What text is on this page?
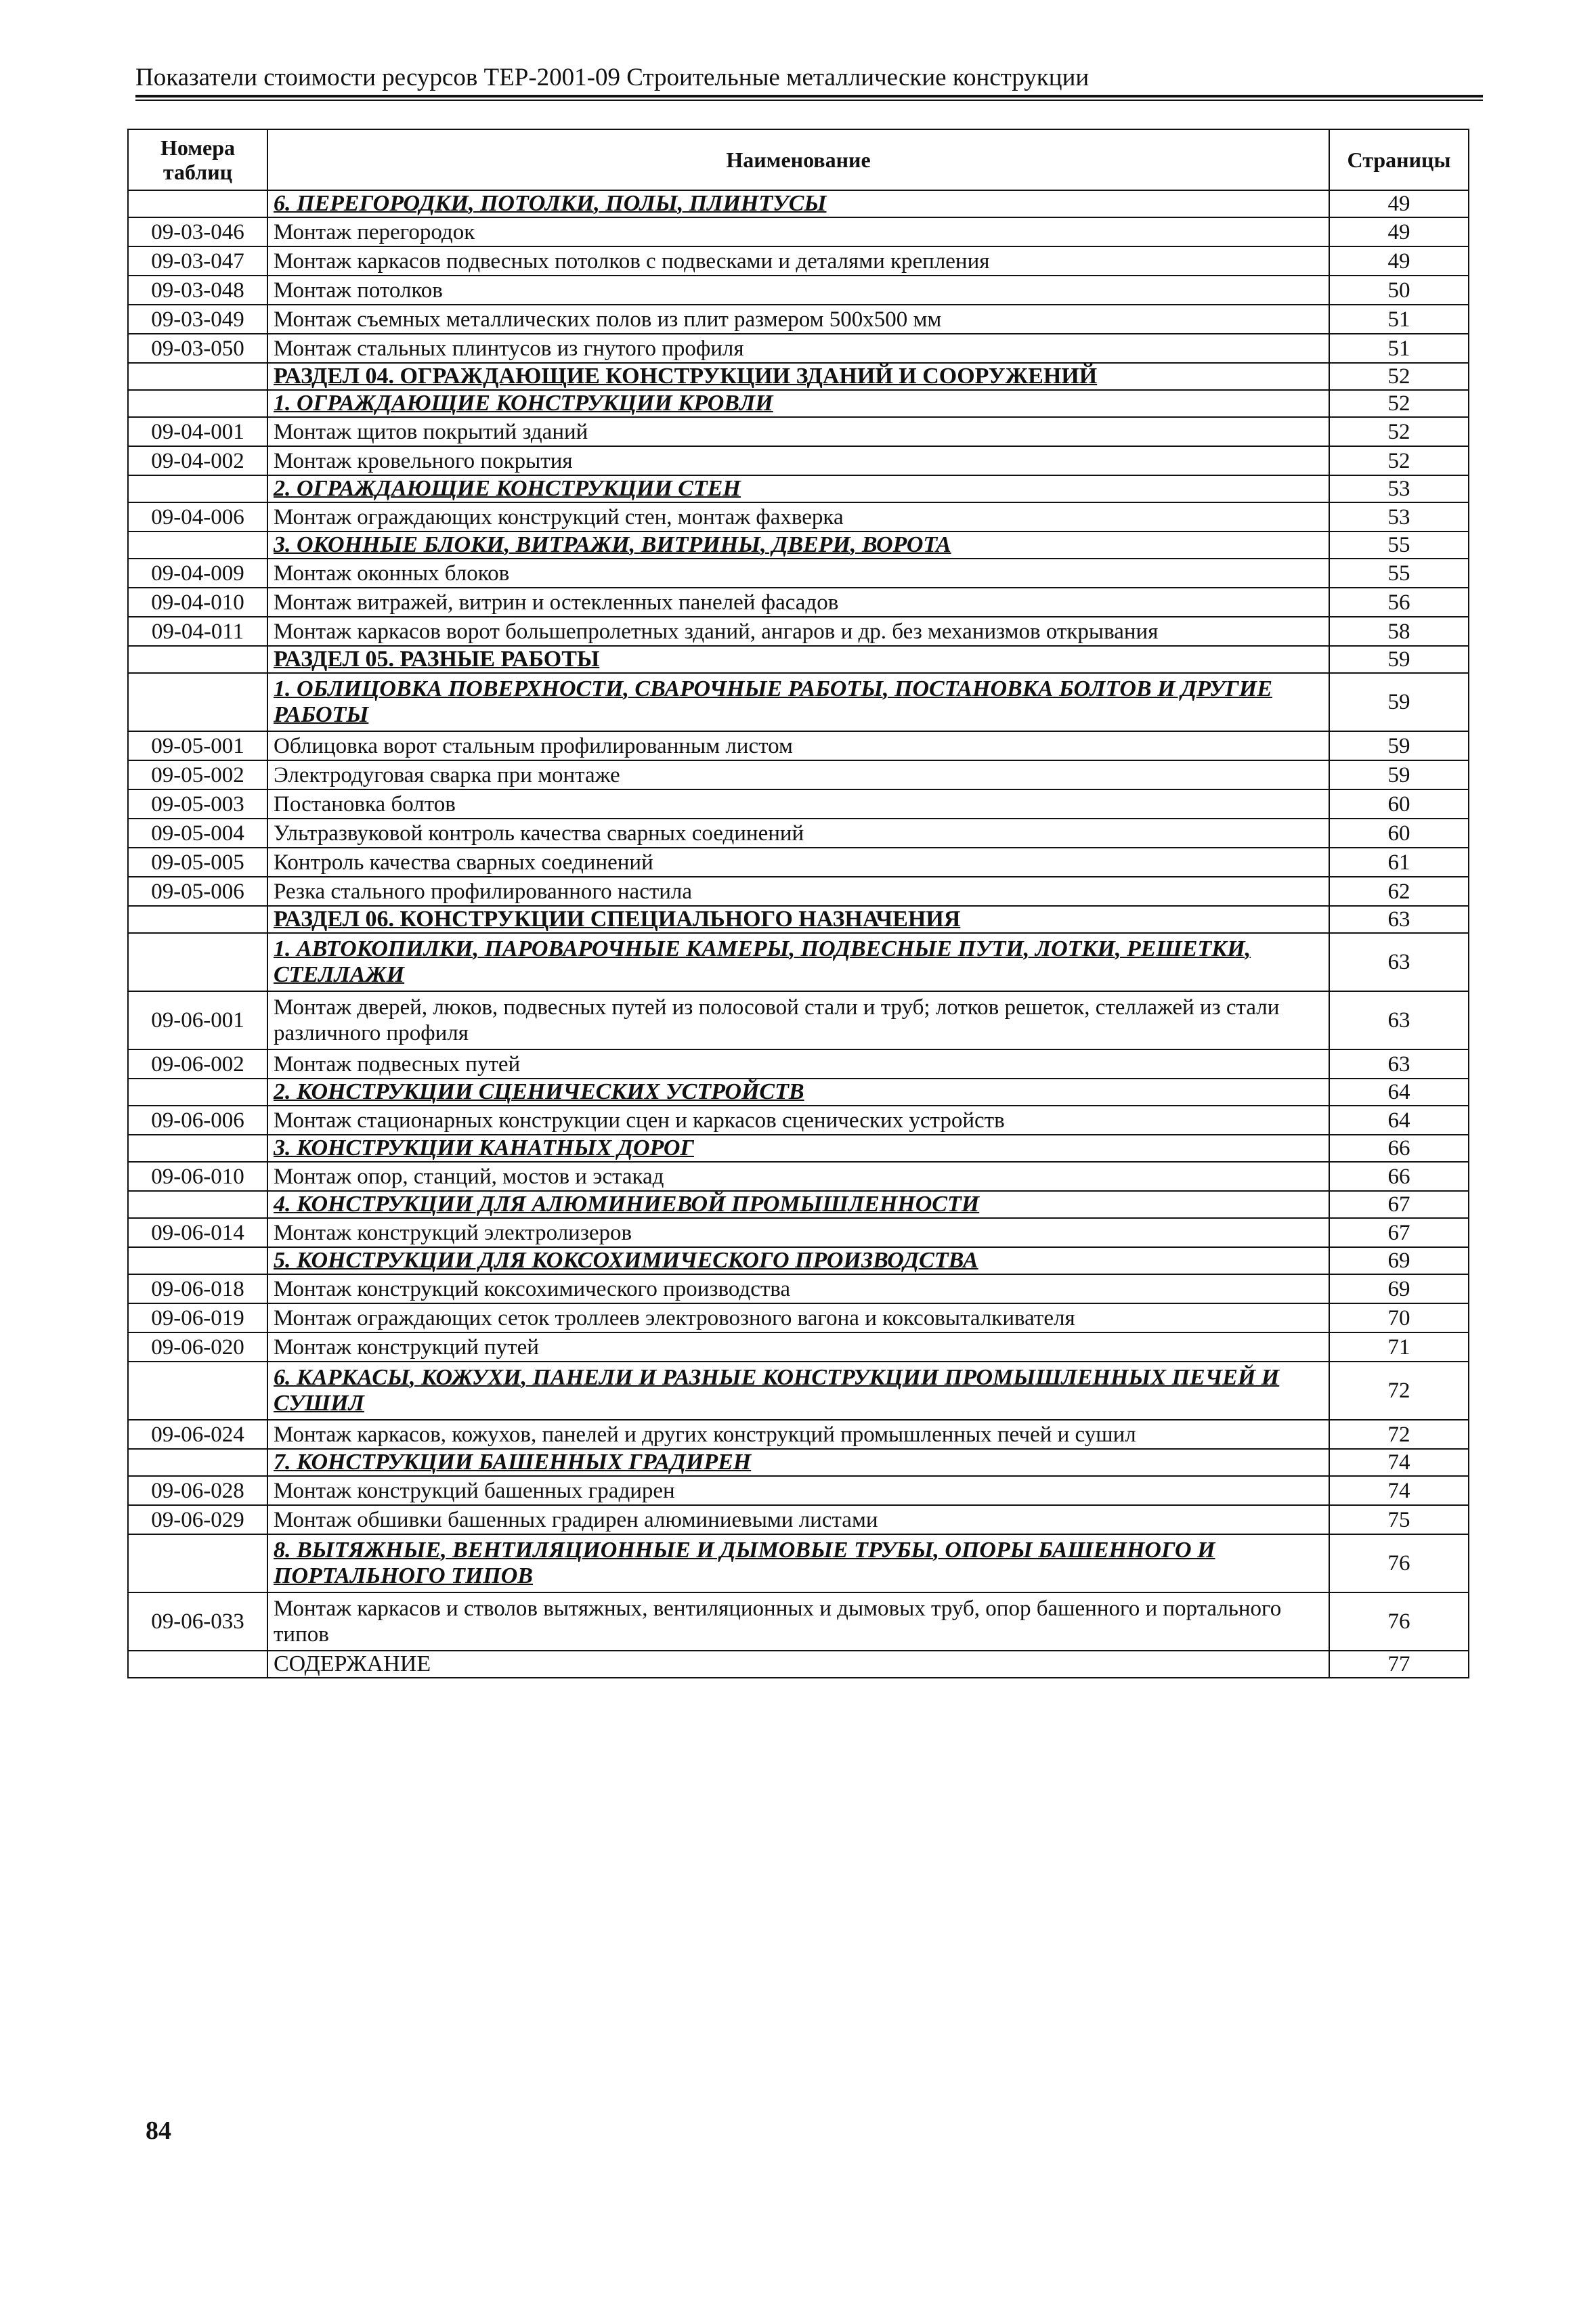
Показатели стоимости ресурсов ТЕР-2001-09 Строительные металлические конструкции
Номера таблиц	Наименование	Страницы
	6. ПЕРЕГОРОДКИ, ПОТОЛКИ, ПОЛЫ, ПЛИНТУСЫ	49
09-03-046	Монтаж перегородок	49
09-03-047	Монтаж каркасов подвесных потолков с подвесками и деталями крепления	49
09-03-048	Монтаж потолков	50
09-03-049	Монтаж съемных металлических полов из плит размером 500х500 мм	51
09-03-050	Монтаж стальных плинтусов из гнутого профиля	51
	РАЗДЕЛ 04. ОГРАЖДАЮЩИЕ КОНСТРУКЦИИ ЗДАНИЙ И СООРУЖЕНИЙ	52
	1. ОГРАЖДАЮЩИЕ КОНСТРУКЦИИ КРОВЛИ	52
09-04-001	Монтаж щитов покрытий зданий	52
09-04-002	Монтаж кровельного покрытия	52
	2. ОГРАЖДАЮЩИЕ КОНСТРУКЦИИ СТЕН	53
09-04-006	Монтаж ограждающих конструкций стен, монтаж фахверка	53
	3. ОКОННЫЕ БЛОКИ, ВИТРАЖИ, ВИТРИНЫ, ДВЕРИ, ВОРОТА	55
09-04-009	Монтаж оконных блоков	55
09-04-010	Монтаж витражей, витрин и остекленных панелей фасадов	56
09-04-011	Монтаж каркасов ворот большепролетных зданий, ангаров и др. без механизмов открывания	58
	РАЗДЕЛ 05. РАЗНЫЕ РАБОТЫ	59
	1. ОБЛИЦОВКА ПОВЕРХНОСТИ, СВАРОЧНЫЕ РАБОТЫ, ПОСТАНОВКА БОЛТОВ И ДРУГИЕ РАБОТЫ	59
09-05-001	Облицовка ворот стальным профилированным листом	59
09-05-002	Электродуговая сварка при монтаже	59
09-05-003	Постановка болтов	60
09-05-004	Ультразвуковой контроль качества сварных соединений	60
09-05-005	Контроль качества сварных соединений	61
09-05-006	Резка стального профилированного настила	62
	РАЗДЕЛ 06. КОНСТРУКЦИИ СПЕЦИАЛЬНОГО НАЗНАЧЕНИЯ	63
	1. АВТОКОПИЛКИ, ПАРОВАРОЧНЫЕ КАМЕРЫ, ПОДВЕСНЫЕ ПУТИ, ЛОТКИ, РЕШЕТКИ, СТЕЛЛАЖИ	63
09-06-001	Монтаж дверей, люков, подвесных путей из полосовой стали и труб; лотков решеток, стеллажей из стали различного профиля	63
09-06-002	Монтаж подвесных путей	63
	2. КОНСТРУКЦИИ СЦЕНИЧЕСКИХ УСТРОЙСТВ	64
09-06-006	Монтаж стационарных конструкции сцен и каркасов сценических устройств	64
	3. КОНСТРУКЦИИ КАНАТНЫХ ДОРОГ	66
09-06-010	Монтаж опор, станций, мостов и эстакад	66
	4. КОНСТРУКЦИИ ДЛЯ АЛЮМИНИЕВОЙ ПРОМЫШЛЕННОСТИ	67
09-06-014	Монтаж конструкций электролизеров	67
	5. КОНСТРУКЦИИ ДЛЯ КОКСОХИМИЧЕСКОГО ПРОИЗВОДСТВА	69
09-06-018	Монтаж конструкций коксохимического производства	69
09-06-019	Монтаж ограждающих сеток троллеев электровозного вагона и коксовыталкивателя	70
09-06-020	Монтаж конструкций путей	71
	6. КАРКАСЫ, КОЖУХИ, ПАНЕЛИ И РАЗНЫЕ КОНСТРУКЦИИ ПРОМЫШЛЕННЫХ ПЕЧЕЙ И СУШИЛ	72
09-06-024	Монтаж каркасов, кожухов, панелей и других конструкций промышленных печей и сушил	72
	7. КОНСТРУКЦИИ БАШЕННЫХ ГРАДИРЕН	74
09-06-028	Монтаж конструкций башенных градирен	74
09-06-029	Монтаж обшивки башенных градирен алюминиевыми листами	75
	8. ВЫТЯЖНЫЕ, ВЕНТИЛЯЦИОННЫЕ И ДЫМОВЫЕ ТРУБЫ, ОПОРЫ БАШЕННОГО И ПОРТАЛЬНОГО ТИПОВ	76
09-06-033	Монтаж каркасов и стволов вытяжных, вентиляционных и дымовых труб, опор башенного и портального типов	76
	СОДЕРЖАНИЕ	77
84
